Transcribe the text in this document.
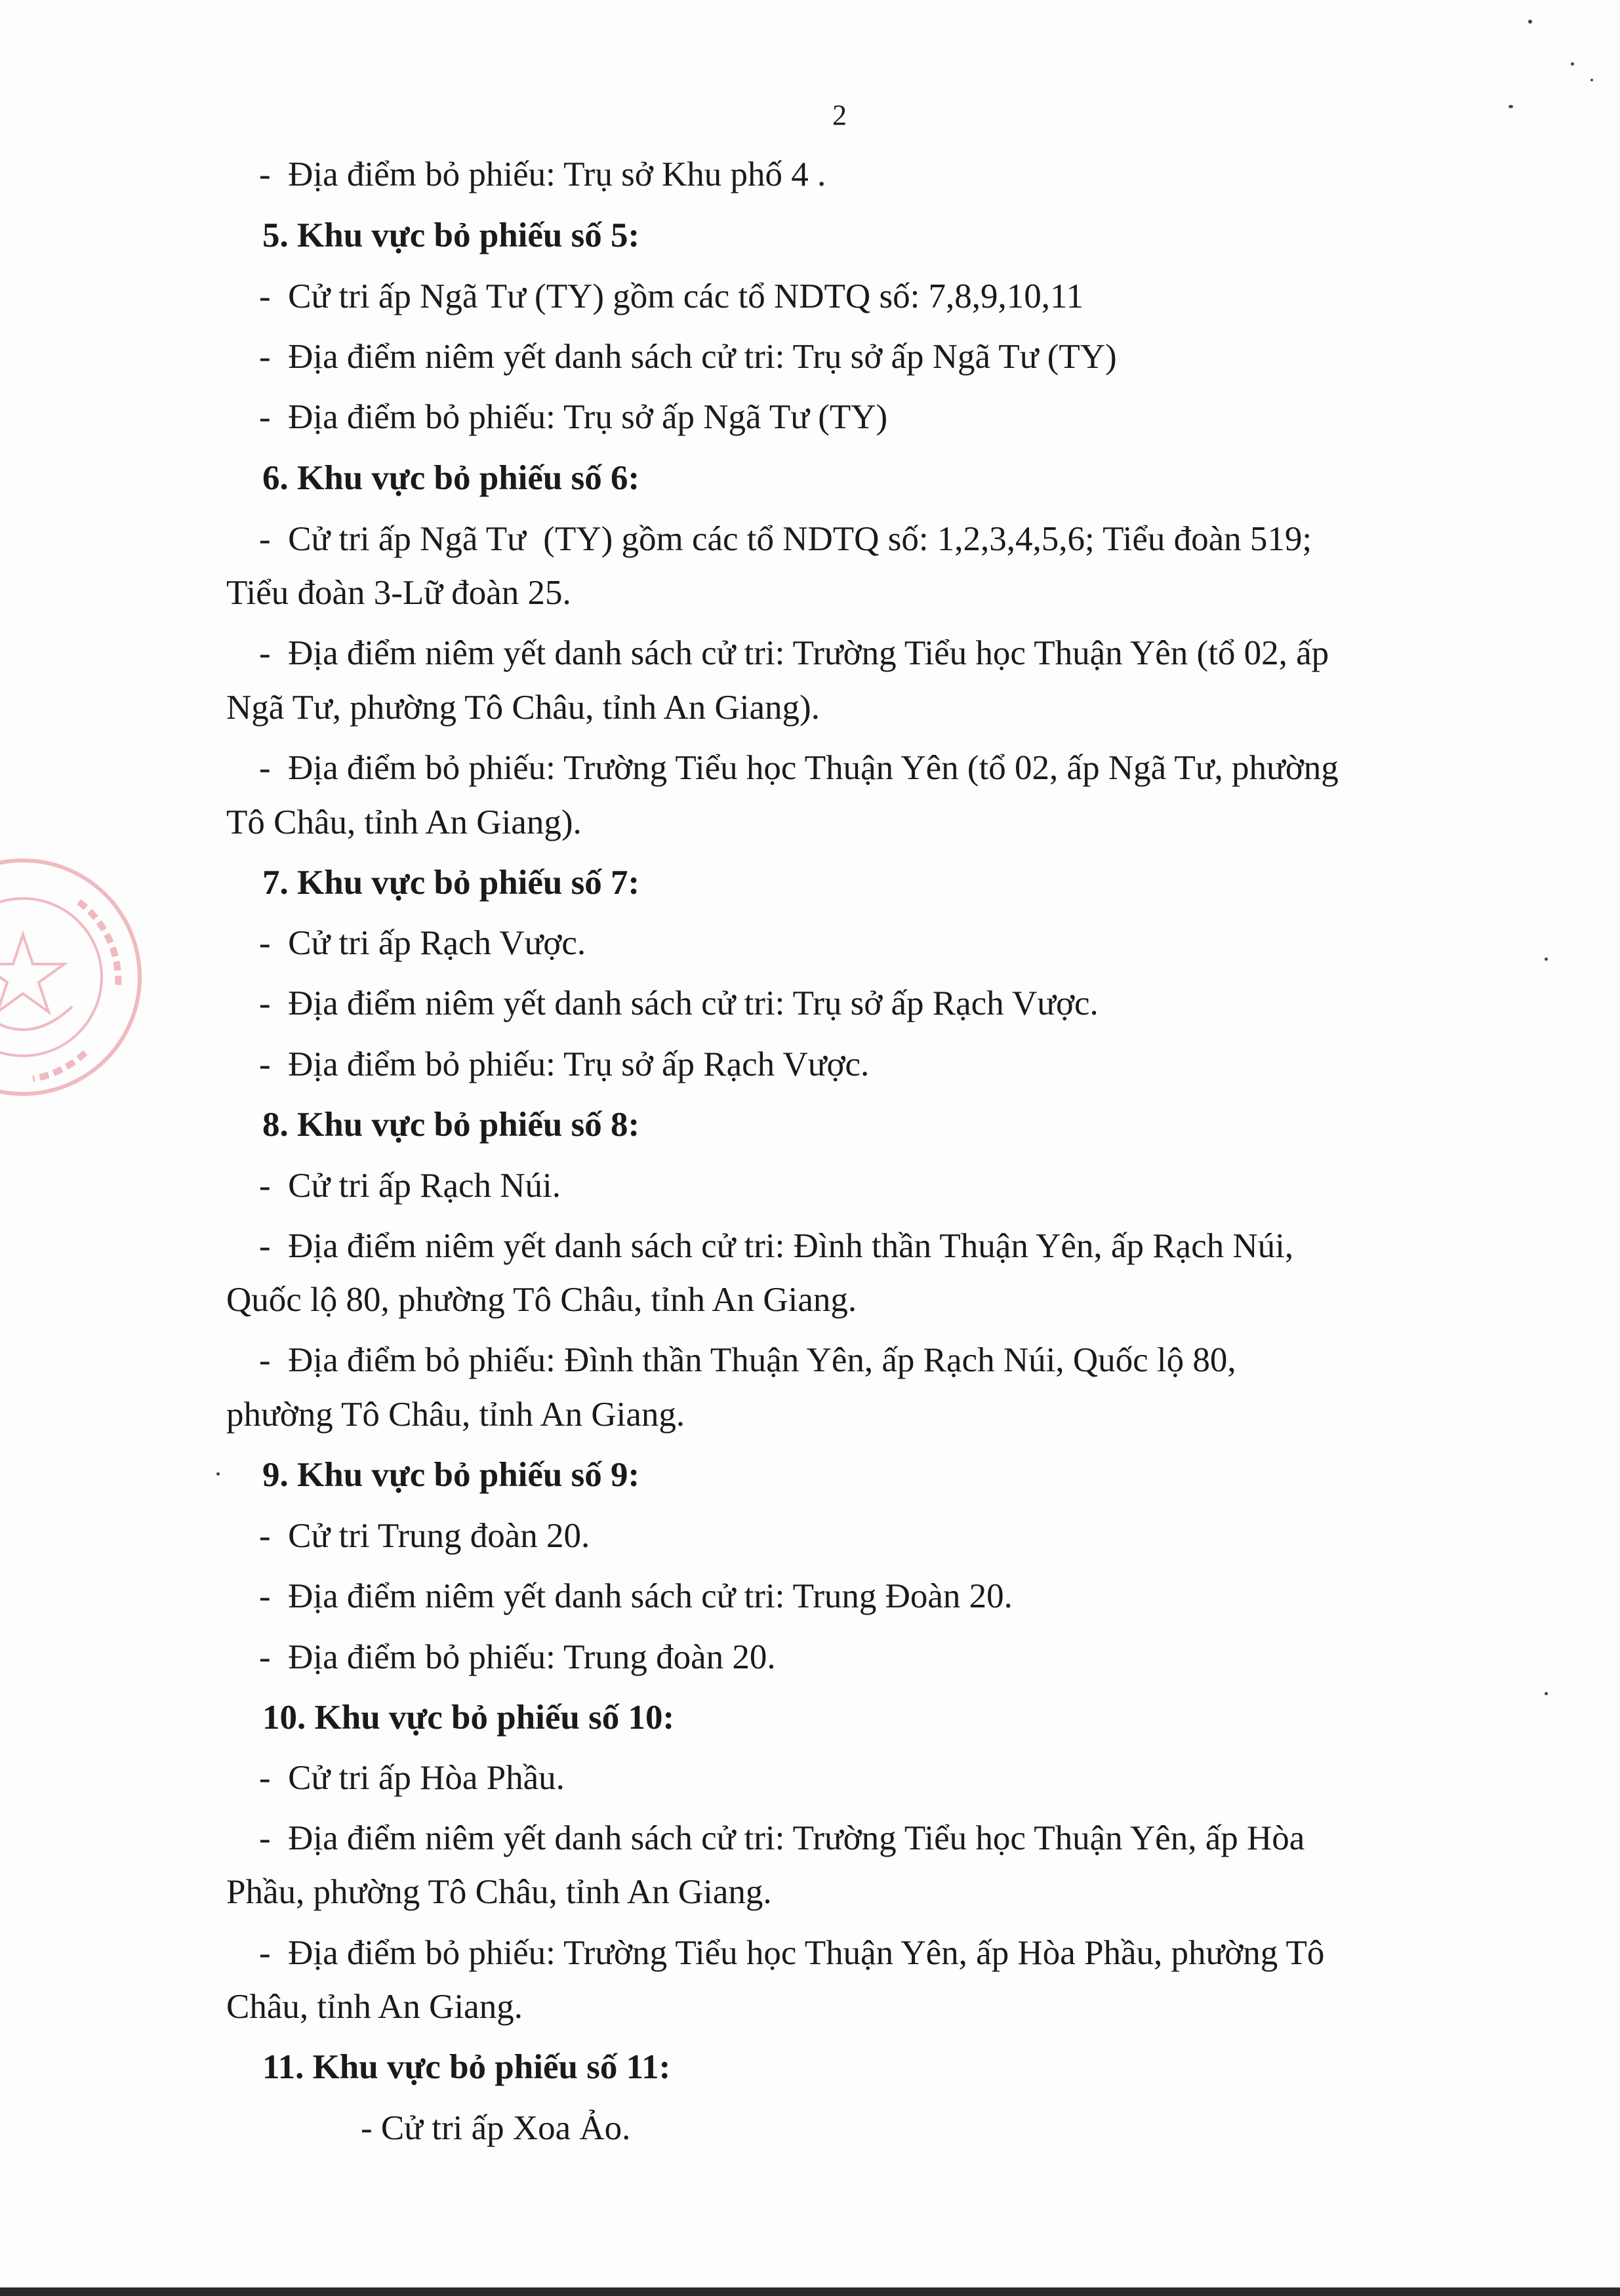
2
-  Địa điểm bỏ phiếu: Trụ sở Khu phố 4 .
5. Khu vực bỏ phiếu số 5:
-  Cử tri ấp Ngã Tư (TY) gồm các tổ NDTQ số: 7,8,9,10,11
-  Địa điểm niêm yết danh sách cử tri: Trụ sở ấp Ngã Tư (TY)
-  Địa điểm bỏ phiếu: Trụ sở ấp Ngã Tư (TY)
6. Khu vực bỏ phiếu số 6:
-  Cử tri ấp Ngã Tư  (TY) gồm các tổ NDTQ số: 1,2,3,4,5,6; Tiểu đoàn 519;
Tiểu đoàn 3-Lữ đoàn 25.
-  Địa điểm niêm yết danh sách cử tri: Trường Tiểu học Thuận Yên (tổ 02, ấp
Ngã Tư, phường Tô Châu, tỉnh An Giang).
-  Địa điểm bỏ phiếu: Trường Tiểu học Thuận Yên (tổ 02, ấp Ngã Tư, phường
Tô Châu, tỉnh An Giang).
7. Khu vực bỏ phiếu số 7:
-  Cử tri ấp Rạch Vược.
-  Địa điểm niêm yết danh sách cử tri: Trụ sở ấp Rạch Vược.
-  Địa điểm bỏ phiếu: Trụ sở ấp Rạch Vược.
8. Khu vực bỏ phiếu số 8:
-  Cử tri ấp Rạch Núi.
-  Địa điểm niêm yết danh sách cử tri: Đình thần Thuận Yên, ấp Rạch Núi,
Quốc lộ 80, phường Tô Châu, tỉnh An Giang.
-  Địa điểm bỏ phiếu: Đình thần Thuận Yên, ấp Rạch Núi, Quốc lộ 80,
phường Tô Châu, tỉnh An Giang.
9. Khu vực bỏ phiếu số 9:
-  Cử tri Trung đoàn 20.
-  Địa điểm niêm yết danh sách cử tri: Trung Đoàn 20.
-  Địa điểm bỏ phiếu: Trung đoàn 20.
10. Khu vực bỏ phiếu số 10:
-  Cử tri ấp Hòa Phầu.
-  Địa điểm niêm yết danh sách cử tri: Trường Tiểu học Thuận Yên, ấp Hòa
Phầu, phường Tô Châu, tỉnh An Giang.
-  Địa điểm bỏ phiếu: Trường Tiểu học Thuận Yên, ấp Hòa Phầu, phường Tô
Châu, tỉnh An Giang.
11. Khu vực bỏ phiếu số 11:
- Cử tri ấp Xoa Ảo.
